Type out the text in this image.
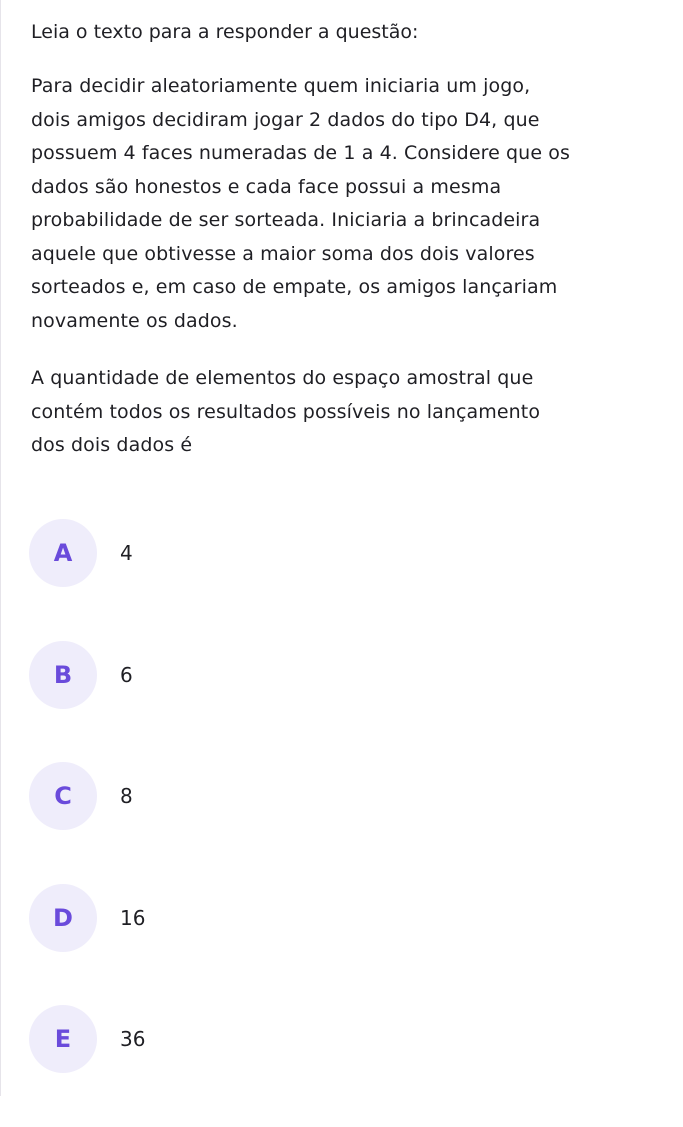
Leia o texto para a responder a questão:

Para decidir aleatoriamente quem iniciaria um jogo,
dois amigos decidiram jogar 2 dados do tipo D4, que
possuem 4 faces numeradas de 1 a 4. Considere que os
dados são honestos e cada face possui a mesma
probabilidade de ser sorteada. Iniciaria a brincadeira
aquele que obtivesse a maior soma dos dois valores
sorteados e, em caso de empate, os amigos lançariam
novamente os dados.

A quantidade de elementos do espaço amostral que
contém todos os resultados possíveis no lançamento
dos dois dados é

A	4
B	6
C	8
D	16
E	36
